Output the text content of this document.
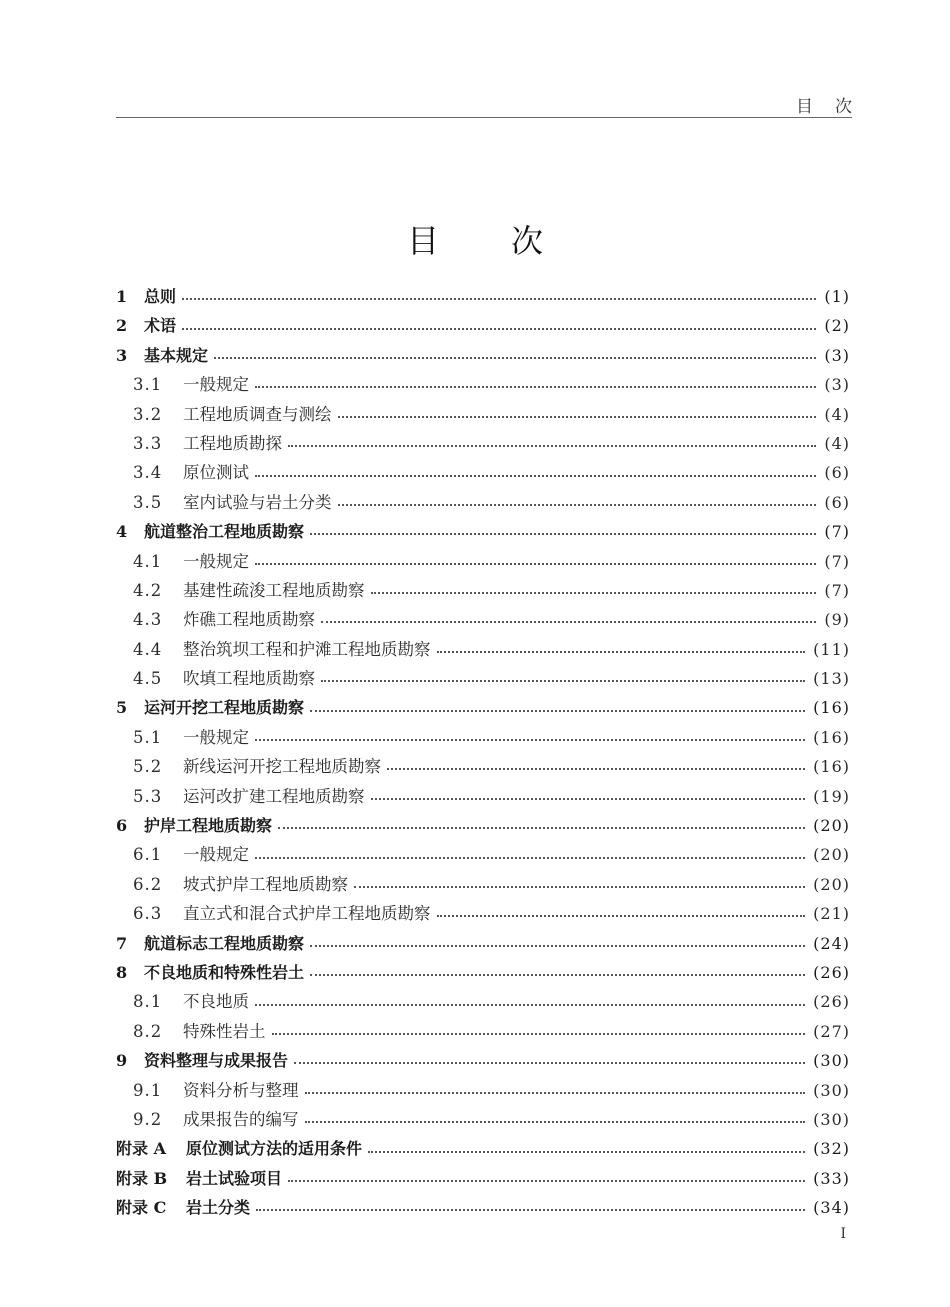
目次
目次
1	总则	(1)
2	术语	(2)
3	基本规定	(3)
3.1	一般规定	(3)
3.2	工程地质调查与测绘	(4)
3.3	工程地质勘探	(4)
3.4	原位测试	(6)
3.5	室内试验与岩土分类	(6)
4	航道整治工程地质勘察	(7)
4.1	一般规定	(7)
4.2	基建性疏浚工程地质勘察	(7)
4.3	炸礁工程地质勘察	(9)
4.4	整治筑坝工程和护滩工程地质勘察	(11)
4.5	吹填工程地质勘察	(13)
5	运河开挖工程地质勘察	(16)
5.1	一般规定	(16)
5.2	新线运河开挖工程地质勘察	(16)
5.3	运河改扩建工程地质勘察	(19)
6	护岸工程地质勘察	(20)
6.1	一般规定	(20)
6.2	坡式护岸工程地质勘察	(20)
6.3	直立式和混合式护岸工程地质勘察	(21)
7	航道标志工程地质勘察	(24)
8	不良地质和特殊性岩土	(26)
8.1	不良地质	(26)
8.2	特殊性岩土	(27)
9	资料整理与成果报告	(30)
9.1	资料分析与整理	(30)
9.2	成果报告的编写	(30)
附录 A	原位测试方法的适用条件	(32)
附录 B	岩土试验项目	(33)
附录 C	岩土分类	(34)
I
